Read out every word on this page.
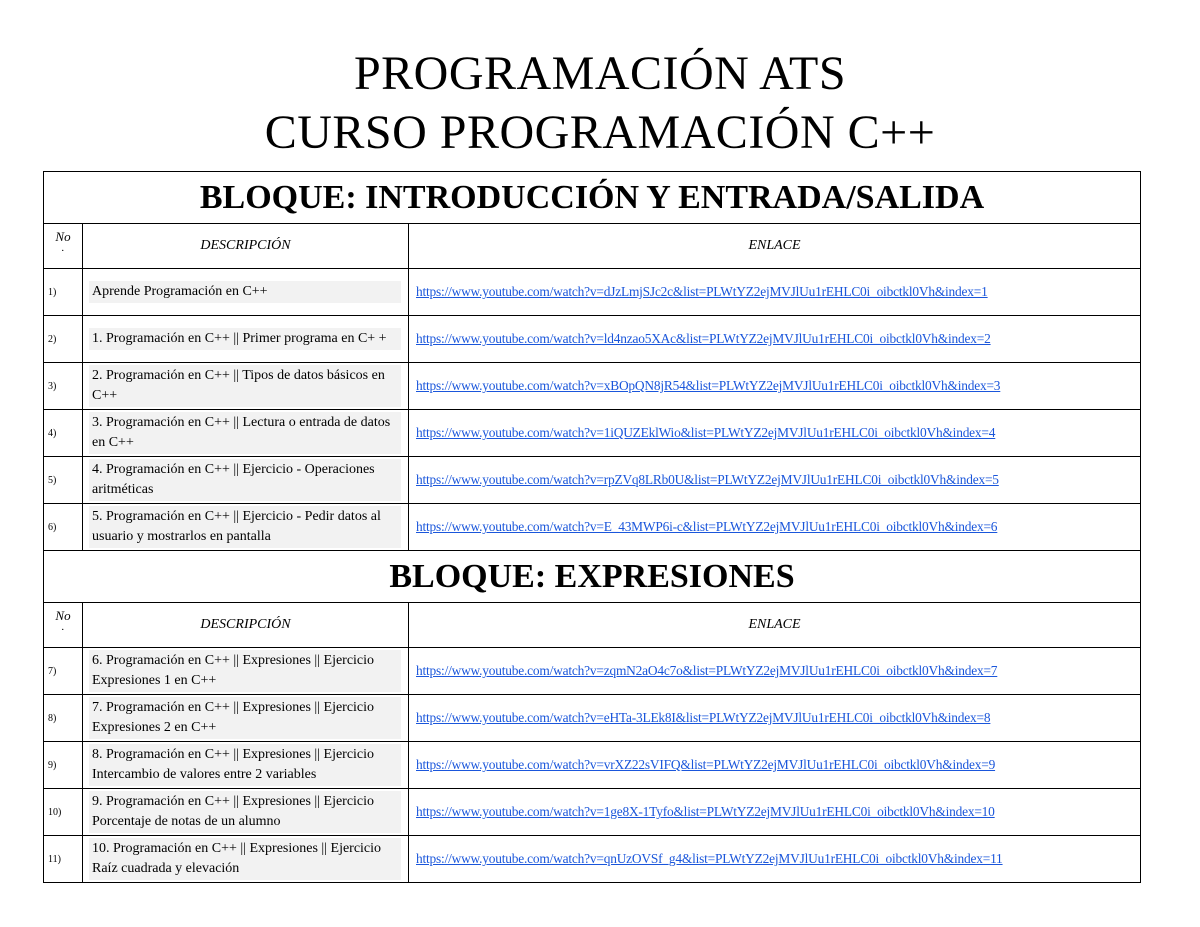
PROGRAMACIÓN ATS
CURSO PROGRAMACIÓN C++
BLOQUE: INTRODUCCIÓN Y ENTRADA/SALIDA		
No
.	DESCRIPCIÓN	ENLACE
1)	Aprende Programación en C++	https://www.youtube.com/watch?v=dJzLmjSJc2c&list=PLWtYZ2ejMVJlUu1rEHLC0i_oibctkl0Vh&index=1
2)	1. Programación en C++ || Primer programa en C+ +	https://www.youtube.com/watch?v=ld4nzao5XAc&list=PLWtYZ2ejMVJlUu1rEHLC0i_oibctkl0Vh&index=2
3)	2. Programación en C++ || Tipos de datos básicos en C++	https://www.youtube.com/watch?v=xBOpQN8jR54&list=PLWtYZ2ejMVJlUu1rEHLC0i_oibctkl0Vh&index=3
4)	3. Programación en C++ || Lectura o entrada de datos en C++	https://www.youtube.com/watch?v=1iQUZEklWio&list=PLWtYZ2ejMVJlUu1rEHLC0i_oibctkl0Vh&index=4
5)	4. Programación en C++ || Ejercicio - Operaciones aritméticas	https://www.youtube.com/watch?v=rpZVq8LRb0U&list=PLWtYZ2ejMVJlUu1rEHLC0i_oibctkl0Vh&index=5
6)	5. Programación en C++ || Ejercicio - Pedir datos al usuario y mostrarlos en pantalla	https://www.youtube.com/watch?v=E_43MWP6i-c&list=PLWtYZ2ejMVJlUu1rEHLC0i_oibctkl0Vh&index=6
BLOQUE: EXPRESIONES		
No
.	DESCRIPCIÓN	ENLACE
7)	6. Programación en C++ || Expresiones || Ejercicio Expresiones 1 en C++	https://www.youtube.com/watch?v=zqmN2aO4c7o&list=PLWtYZ2ejMVJlUu1rEHLC0i_oibctkl0Vh&index=7
8)	7. Programación en C++ || Expresiones || Ejercicio Expresiones 2 en C++	https://www.youtube.com/watch?v=eHTa-3LEk8I&list=PLWtYZ2ejMVJlUu1rEHLC0i_oibctkl0Vh&index=8
9)	8. Programación en C++ || Expresiones || Ejercicio Intercambio de valores entre 2 variables	https://www.youtube.com/watch?v=vrXZ22sVIFQ&list=PLWtYZ2ejMVJlUu1rEHLC0i_oibctkl0Vh&index=9
10)	9. Programación en C++ || Expresiones || Ejercicio Porcentaje de notas de un alumno	https://www.youtube.com/watch?v=1ge8X-1Tyfo&list=PLWtYZ2ejMVJlUu1rEHLC0i_oibctkl0Vh&index=10
11)	10. Programación en C++ || Expresiones || Ejercicio Raíz cuadrada y elevación	https://www.youtube.com/watch?v=qnUzOVSf_g4&list=PLWtYZ2ejMVJlUu1rEHLC0i_oibctkl0Vh&index=11
